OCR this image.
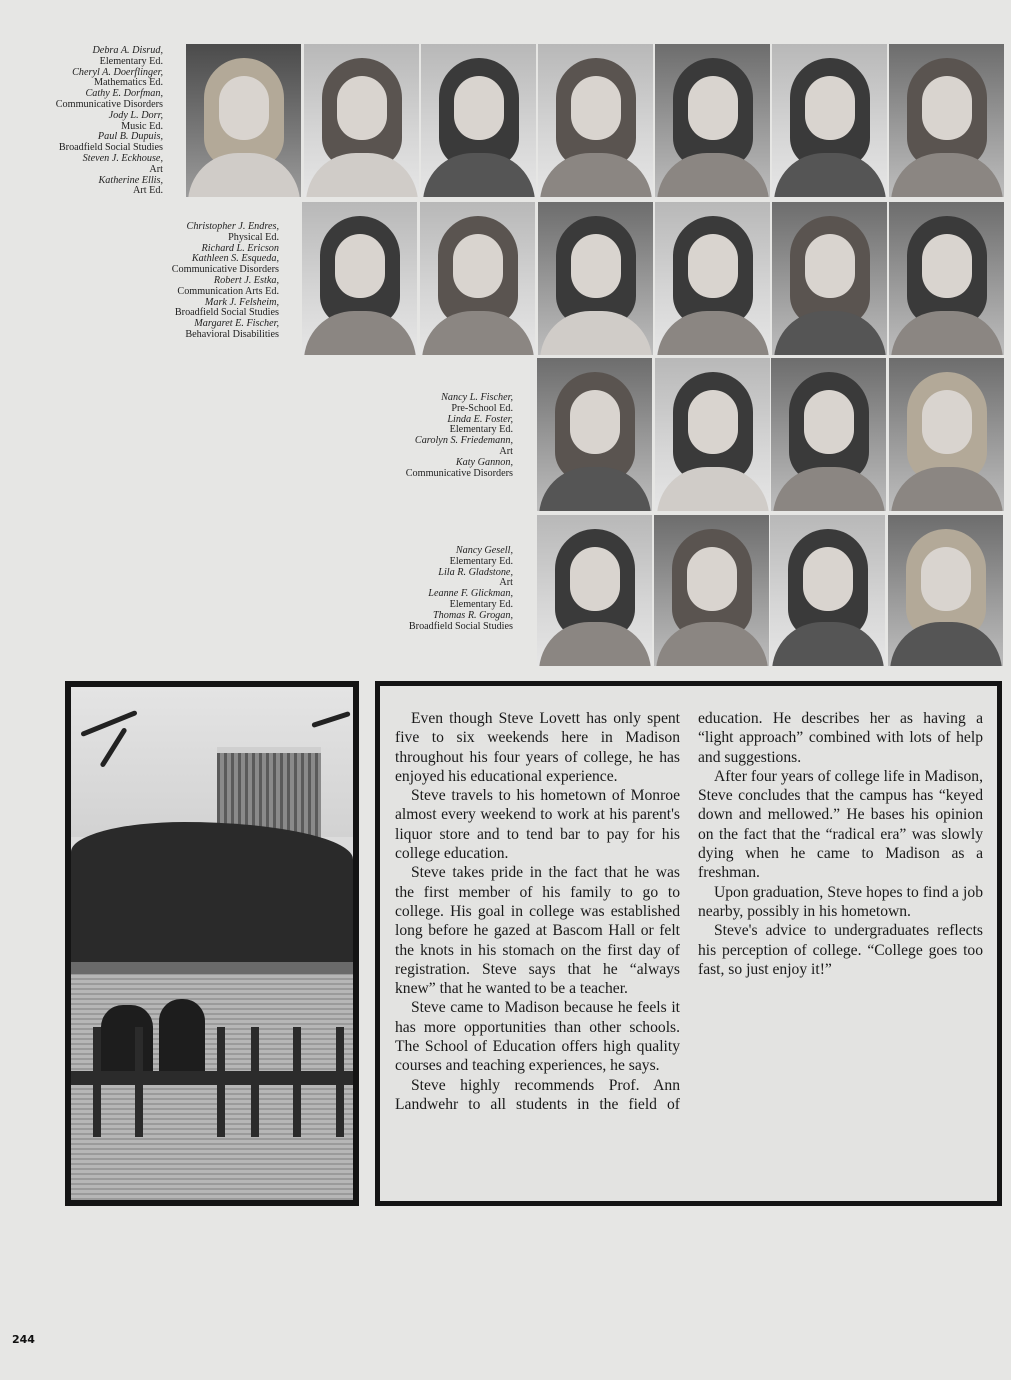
Debra A. Disrud,
Elementary Ed.
Cheryl A. Doerflinger,
Mathematics Ed.
Cathy E. Dorfman,
Communicative Disorders
Jody L. Dorr,
Music Ed.
Paul B. Dupuis,
Broadfield Social Studies
Steven J. Eckhouse,
Art
Katherine Ellis,
Art Ed.
Christopher J. Endres,
Physical Ed.
Richard L. Ericson
Kathleen S. Esqueda,
Communicative Disorders
Robert J. Estka,
Communication Arts Ed.
Mark J. Felsheim,
Broadfield Social Studies
Margaret E. Fischer,
Behavioral Disabilities
Nancy L. Fischer,
Pre-School Ed.
Linda E. Foster,
Elementary Ed.
Carolyn S. Friedemann,
Art
Katy Gannon,
Communicative Disorders
Nancy Gesell,
Elementary Ed.
Lila R. Gladstone,
Art
Leanne F. Glickman,
Elementary Ed.
Thomas R. Grogan,
Broadfield Social Studies

Even though Steve Lovett has only spent five to six weekends here in Madison throughout his four years of college, he has enjoyed his educational experience.

Steve travels to his hometown of Monroe almost every weekend to work at his parent's liquor store and to tend bar to pay for his college education.

Steve takes pride in the fact that he was the first member of his family to go to college. His goal in college was established long before he gazed at Bascom Hall or felt the knots in his stomach on the first day of registration. Steve says that he “always knew” that he wanted to be a teacher.

Steve came to Madison because he feels it has more opportunities than other schools. The School of Education offers high quality courses and teaching experiences, he says.

Steve highly recommends Prof. Ann Landwehr to all students in the field of

education. He describes her as having a “light approach” combined with lots of help and suggestions.

After four years of college life in Madison, Steve concludes that the campus has “keyed down and mellowed.” He bases his opinion on the fact that the “radical era” was slowly dying when he came to Madison as a freshman.

Upon graduation, Steve hopes to find a job nearby, possibly in his hometown.

Steve's advice to undergraduates reflects his perception of college. “College goes too fast, so just enjoy it!”

244
